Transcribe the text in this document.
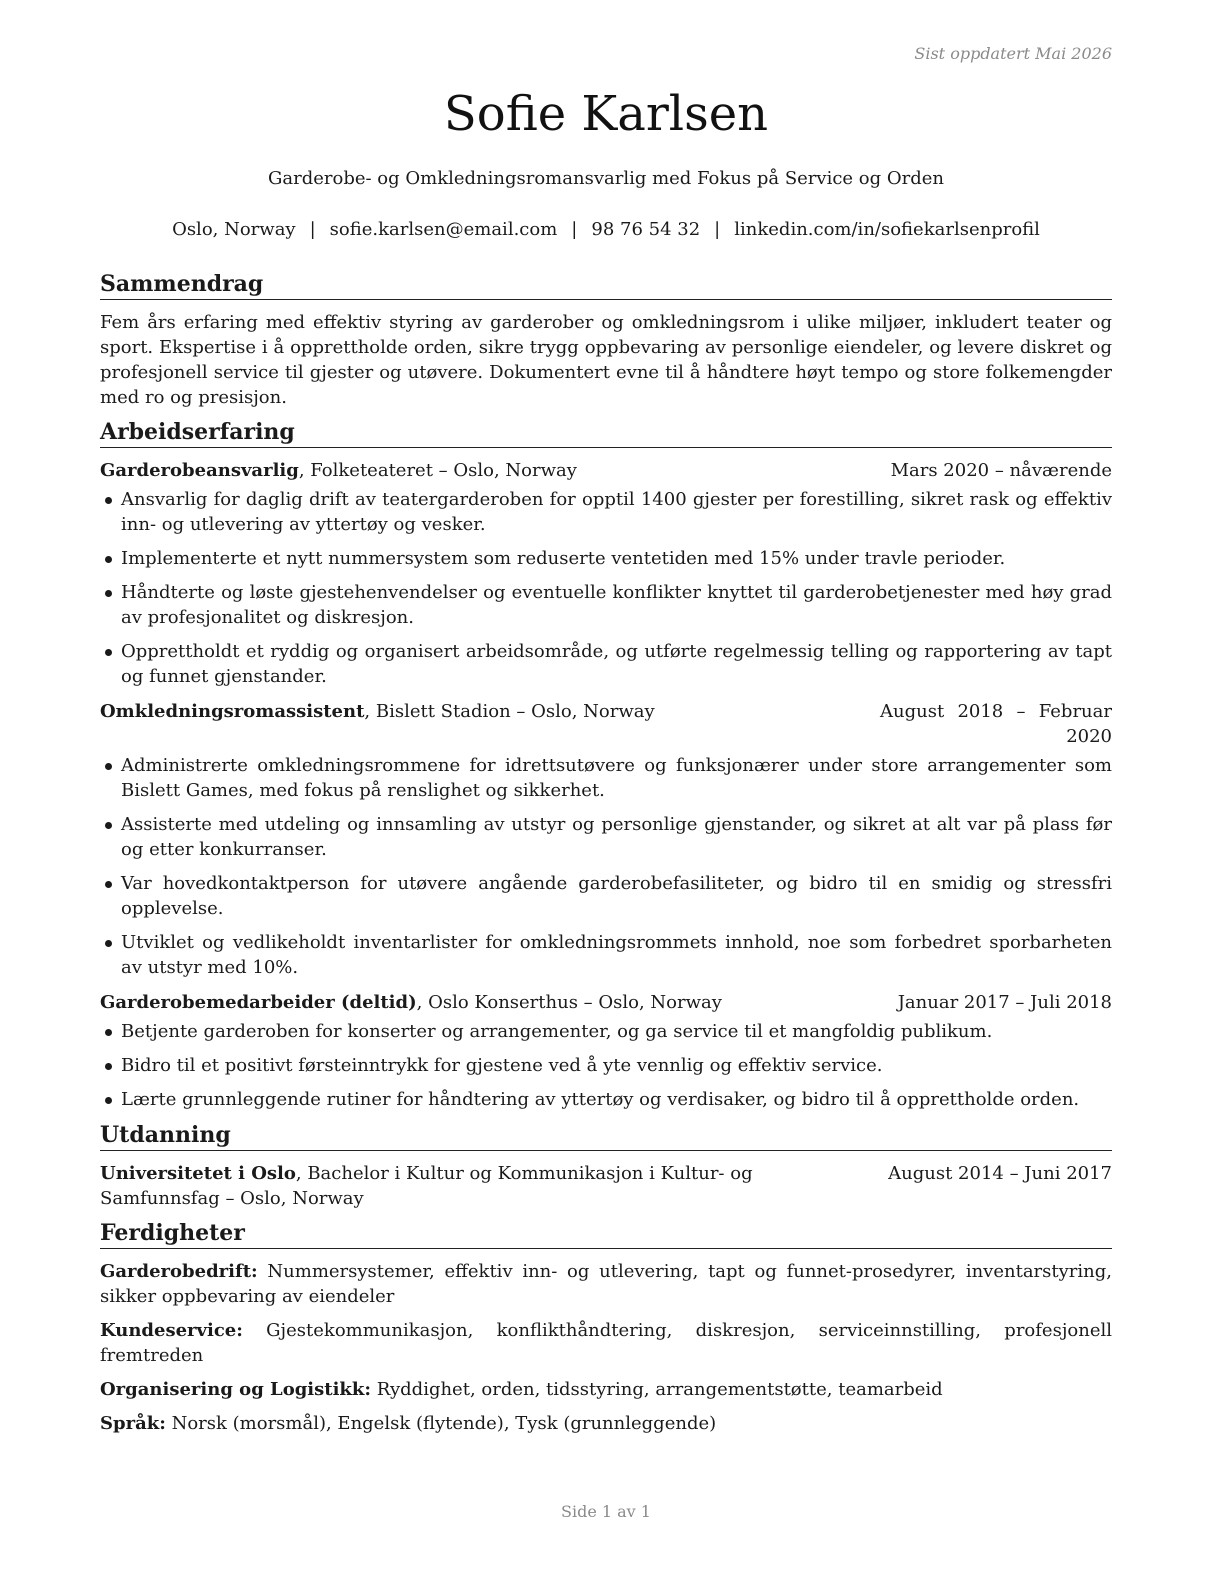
Sist oppdatert Mai 2026
Sofie Karlsen
Garderobe- og Omkledningsromansvarlig med Fokus på Service og Orden
Oslo, Norway | sofie.karlsen@email.com | 98 76 54 32 | linkedin.com/in/sofiekarlsenprofil
Sammendrag

Fem års erfaring med effektiv styring av garderober og omkledningsrom i ulike miljøer, inkludert teater og sport. Ekspertise i å opprettholde orden, sikre trygg oppbevaring av personlige eiendeler, og levere diskret og profesjonell service til gjester og utøvere. Dokumentert evne til å håndtere høyt tempo og store folkemengder med ro og presisjon.

Arbeidserfaring
Garderobeansvarlig, Folketeateret – Oslo, Norway	Mars 2020 – nåværende
Ansvarlig for daglig drift av teatergarderoben for opptil 1400 gjester per forestilling, sikret rask og effektiv inn- og utlevering av yttertøy og vesker.
Implementerte et nytt nummersystem som reduserte ventetiden med 15% under travle perioder.
Håndterte og løste gjestehenvendelser og eventuelle konflikter knyttet til garderobetjenester med høy grad av profesjonalitet og diskresjon.
Opprettholdt et ryddig og organisert arbeidsområde, og utførte regelmessig telling og rapportering av tapt og funnet gjenstander.
Omkledningsromassistent, Bislett Stadion – Oslo, Norway	August 2018 – Februar 2020
Administrerte omkledningsrommene for idrettsutøvere og funksjonærer under store arrangementer som Bislett Games, med fokus på renslighet og sikkerhet.
Assisterte med utdeling og innsamling av utstyr og personlige gjenstander, og sikret at alt var på plass før og etter konkurranser.
Var hovedkontaktperson for utøvere angående garderobefasiliteter, og bidro til en smidig og stressfri opplevelse.
Utviklet og vedlikeholdt inventarlister for omkledningsrommets innhold, noe som forbedret sporbarheten av utstyr med 10%.
Garderobemedarbeider (deltid), Oslo Konserthus – Oslo, Norway	Januar 2017 – Juli 2018
Betjente garderoben for konserter og arrangementer, og ga service til et mangfoldig publikum.
Bidro til et positivt førsteinntrykk for gjestene ved å yte vennlig og effektiv service.
Lærte grunnleggende rutiner for håndtering av yttertøy og verdisaker, og bidro til å opprettholde orden.
Utdanning
Universitetet i Oslo, Bachelor i Kultur og Kommunikasjon i Kultur- og Samfunnsfag – Oslo, Norway
August 2014 – Juni 2017
Ferdigheter

Garderobedrift: Nummersystemer, effektiv inn- og utlevering, tapt og funnet-prosedyrer, inventarstyring, sikker oppbevaring av eiendeler

Kundeservice: Gjestekommunikasjon, konflikthåndtering, diskresjon, serviceinnstilling, profesjonell fremtreden

Organisering og Logistikk: Ryddighet, orden, tidsstyring, arrangementstøtte, teamarbeid

Språk: Norsk (morsmål), Engelsk (flytende), Tysk (grunnleggende)

Side 1 av 1
